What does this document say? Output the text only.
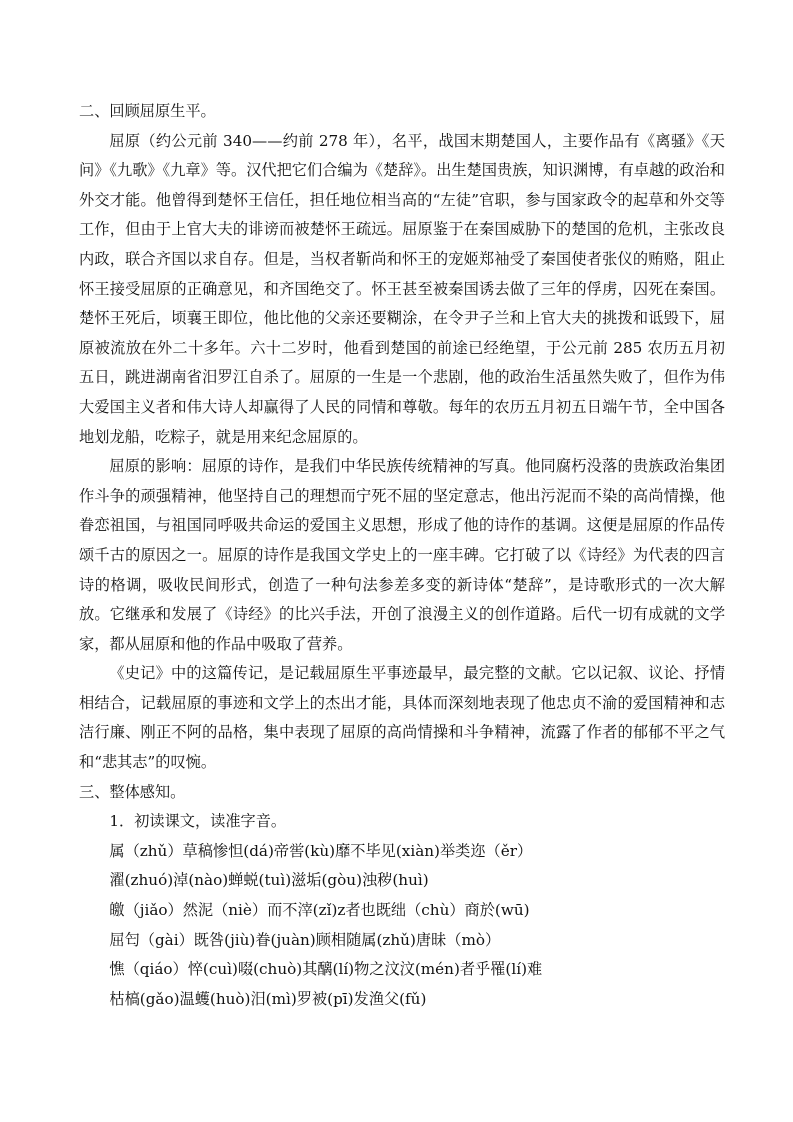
二、回顾屈原生平。

屈原（约公元前 340——约前 278 年），名平，战国末期楚国人，主要作品有《离骚》《天问》《九歌》《九章》等。汉代把它们合编为《楚辞》。出生楚国贵族，知识渊博，有卓越的政治和外交才能。他曾得到楚怀王信任，担任地位相当高的“左徒”官职，参与国家政令的起草和外交等工作，但由于上官大夫的诽谤而被楚怀王疏远。屈原鉴于在秦国威胁下的楚国的危机，主张改良内政，联合齐国以求自存。但是，当权者靳尚和怀王的宠姬郑袖受了秦国使者张仪的贿赂，阻止怀王接受屈原的正确意见，和齐国绝交了。怀王甚至被秦国诱去做了三年的俘虏，囚死在秦国。楚怀王死后，顷襄王即位，他比他的父亲还要糊涂，在令尹子兰和上官大夫的挑拨和诋毁下，屈原被流放在外二十多年。六十二岁时，他看到楚国的前途已经绝望，于公元前 285 农历五月初五日，跳进湖南省汨罗江自杀了。屈原的一生是一个悲剧，他的政治生活虽然失败了，但作为伟大爱国主义者和伟大诗人却赢得了人民的同情和尊敬。每年的农历五月初五日端午节，全中国各地划龙船，吃粽子，就是用来纪念屈原的。

屈原的影响：屈原的诗作，是我们中华民族传统精神的写真。他同腐朽没落的贵族政治集团作斗争的顽强精神，他坚持自己的理想而宁死不屈的坚定意志，他出污泥而不染的高尚情操，他眷恋祖国，与祖国同呼吸共命运的爱国主义思想，形成了他的诗作的基调。这便是屈原的作品传颂千古的原因之一。屈原的诗作是我国文学史上的一座丰碑。它打破了以《诗经》为代表的四言诗的格调，吸收民间形式，创造了一种句法参差多变的新诗体“楚辞”，是诗歌形式的一次大解放。它继承和发展了《诗经》的比兴手法，开创了浪漫主义的创作道路。后代一切有成就的文学家，都从屈原和他的作品中吸取了营养。

《史记》中的这篇传记，是记载屈原生平事迹最早，最完整的文献。它以记叙、议论、抒情相结合，记载屈原的事迹和文学上的杰出才能，具体而深刻地表现了他忠贞不渝的爱国精神和志洁行廉、刚正不阿的品格，集中表现了屈原的高尚情操和斗争精神，流露了作者的郁郁不平之气和“悲其志”的叹惋。

三、整体感知。

1．初读课文，读准字音。

属（zhǔ）草稿惨怛(dá)帝喾(kù)靡不毕见(xiàn)举类迩（ěr）

濯(zhuó)淖(nào)蝉蜕(tuì)滋垢(gòu)浊秽(huì)

皦（jiǎo）然泥（niè）而不滓(zǐ)z者也既绌（chù）商於(wū)

屈匄（gài）既咎(jiù)眷(juàn)顾相随属(zhǔ)唐昧（mò）

憔（qiáo）悴(cuì)啜(chuò)其醨(lí)物之汶汶(mén)者乎罹(lí)难

枯槁(gǎo)温蠖(huò)汨(mì)罗被(pī)发渔父(fǔ)
